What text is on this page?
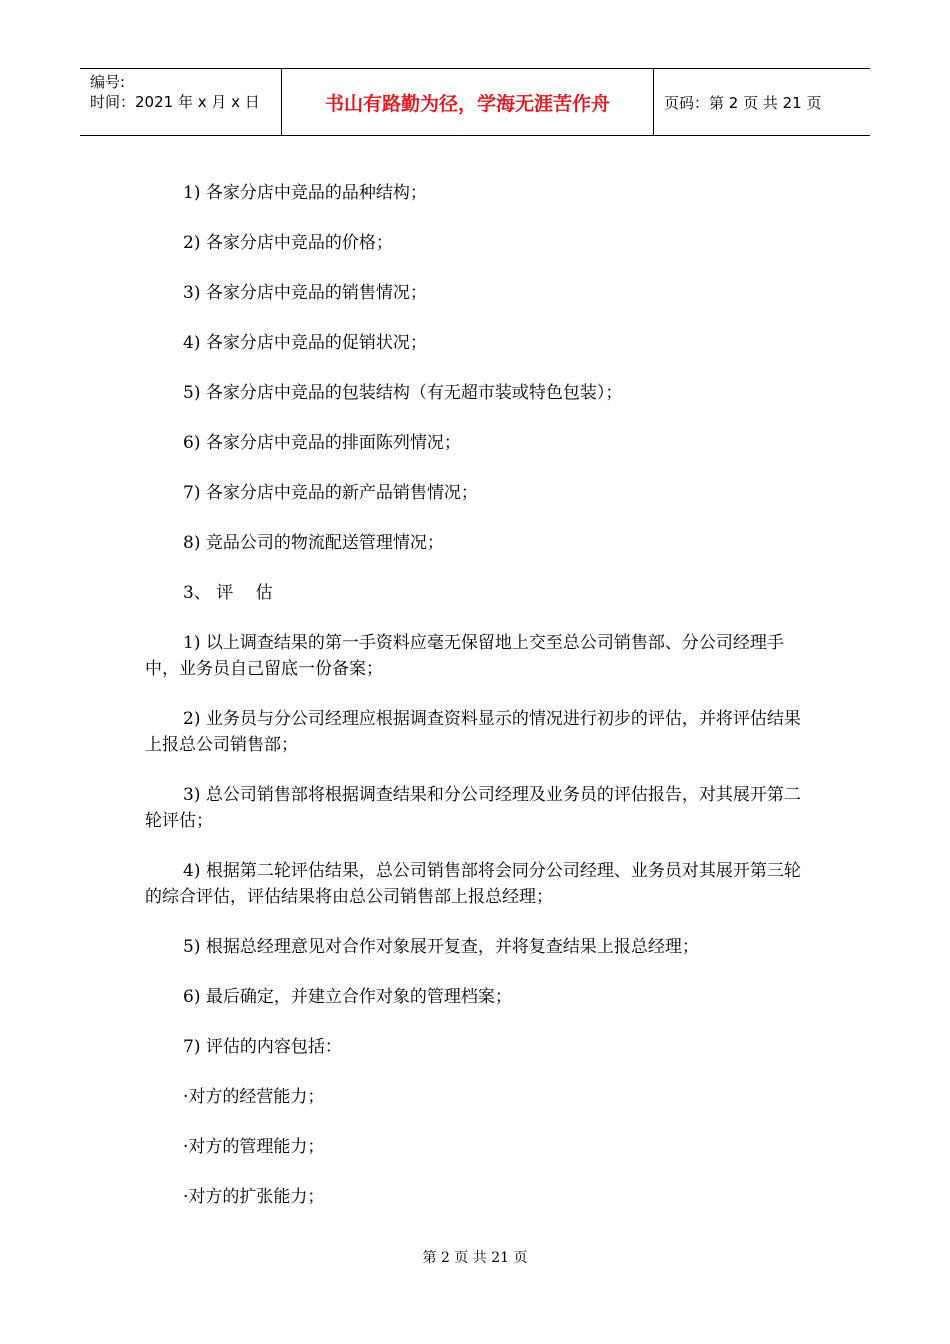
编号:
时间：2021 年 x 月 x 日	书山有路勤为径，学海无涯苦作舟	页码：第 2 页 共 21 页

1) 各家分店中竞品的品种结构；

2) 各家分店中竞品的价格；

3) 各家分店中竞品的销售情况；

4) 各家分店中竞品的促销状况；

5) 各家分店中竞品的包装结构（有无超市装或特色包装）；

6) 各家分店中竞品的排面陈列情况；

7) 各家分店中竞品的新产品销售情况；

8) 竞品公司的物流配送管理情况；

3、 评　 估

1) 以上调查结果的第一手资料应毫无保留地上交至总公司销售部、分公司经理手中，业务员自己留底一份备案；

2) 业务员与分公司经理应根据调查资料显示的情况进行初步的评估，并将评估结果上报总公司销售部；

3) 总公司销售部将根据调查结果和分公司经理及业务员的评估报告，对其展开第二轮评估；

4) 根据第二轮评估结果，总公司销售部将会同分公司经理、业务员对其展开第三轮的综合评估，评估结果将由总公司销售部上报总经理；

5) 根据总经理意见对合作对象展开复查，并将复查结果上报总经理；

6) 最后确定，并建立合作对象的管理档案；

7) 评估的内容包括：

·对方的经营能力；

·对方的管理能力；

·对方的扩张能力；

第 2 页 共 21 页
